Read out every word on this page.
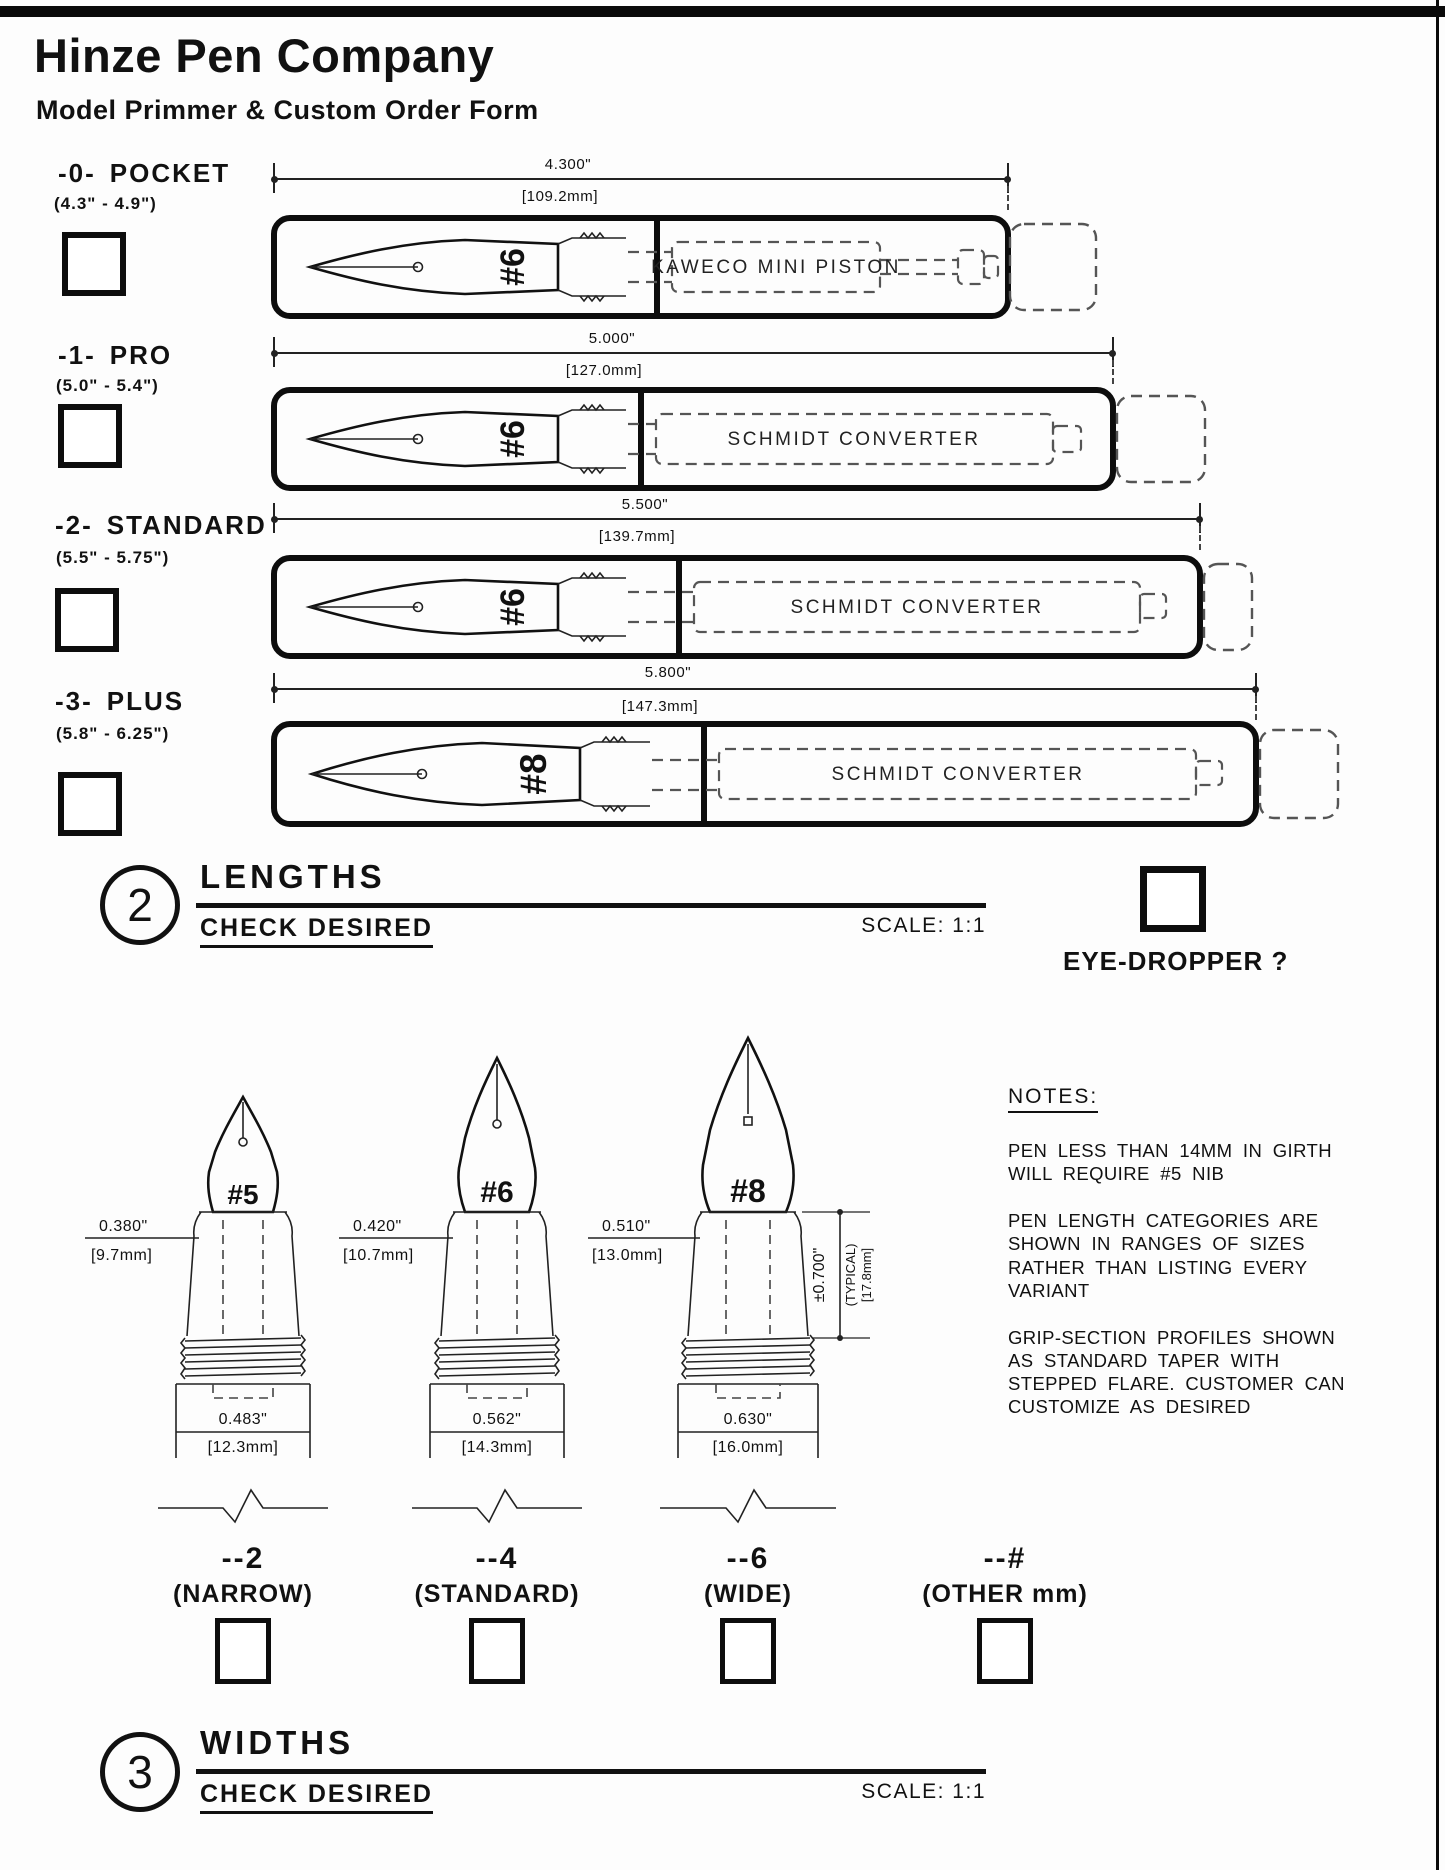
Hinze Pen Company
Model Primmer & Custom Order Form
-0- POCKET
(4.3" - 4.9")
4.300"
[109.2mm]
KAWECO MINI PISTON
#6
-1- PRO
(5.0" - 5.4")
5.000"
[127.0mm]
SCHMIDT CONVERTER
#6
-2- STANDARD
(5.5" - 5.75")
5.500"
[139.7mm]
SCHMIDT CONVERTER
#6
-3- PLUS
(5.8" - 6.25")
5.800"
[147.3mm]
SCHMIDT CONVERTER
#8
2
LENGTHS
CHECK DESIRED	SCALE: 1:1
EYE-DROPPER ?
#5
0.483"
[12.3mm]
0.380"
[9.7mm]
#6
0.562"
[14.3mm]
0.420"
[10.7mm]
#8
0.630"
[16.0mm]
0.510"
[13.0mm]	±0.700" (TYPICAL) [17.8mm]
NOTES:

PEN LESS THAN 14MM IN GIRTH WILL REQUIRE #5 NIB

PEN LENGTH CATEGORIES ARE SHOWN IN RANGES OF SIZES RATHER THAN LISTING EVERY VARIANT

GRIP-SECTION PROFILES SHOWN AS STANDARD TAPER WITH STEPPED FLARE. CUSTOMER CAN CUSTOMIZE AS DESIRED

--2
(NARROW)
--4
(STANDARD)
--6
(WIDE)
--#
(OTHER mm)
3
WIDTHS
CHECK DESIRED	SCALE: 1:1
